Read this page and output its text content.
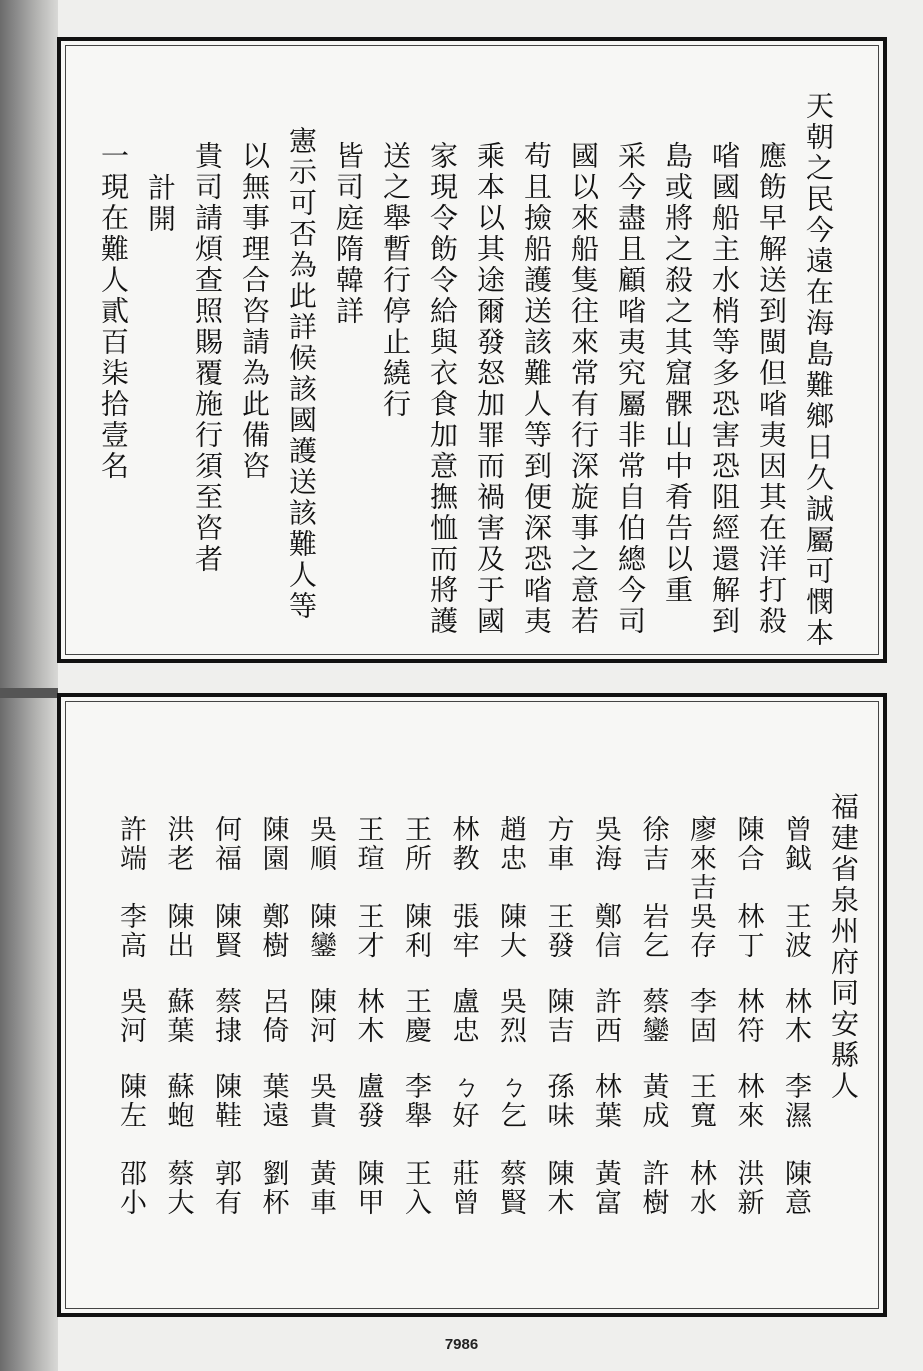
天朝之民今遠在海島難鄉日久誠屬可憫本
應飭早解送到閩但㗂夷因其在洋打殺
㗂國船主水梢等多恐害恐阻經還解到
島或將之殺之其窟髁山中肴告以重
采今盡且顧㗂夷究屬非常自伯總今司
國以來船隻往來常有行深旋事之意若
苟且撿船護送該難人等到便深恐㗂夷
乘本以其途爾發怒加罪而禍害及于國
家現令飭令給與衣食加意撫恤而將護
送之舉暫行停止繞行
皆司庭隋韓詳
憲示可否為此詳候該國護送該難人等
以無事理合咨請為此備咨
貴司請煩查照賜覆施行須至咨者
計開
一現在難人貳百柒拾壹名
福建省泉州府同安縣人
曾鉞
王波
林木
李濕
陳意
陳合
林丁
林符
林來
洪新
廖來吉
吳存
李固
王寬
林水
徐吉
岩乞
蔡鑾
黃成
許樹
吳海
鄭信
許西
林葉
黃富
方車
王發
陳吉
孫味
陳木
趙忠
陳大
吳烈
ㄅ乞
蔡賢
林教
張牢
盧忠
ㄅ好
莊曾
王所
陳利
王慶
李舉
王入
王瑄
王才
林木
盧發
陳甲
吳順
陳鑾
陳河
吳貴
黃車
陳園
鄭樹
呂倚
葉遠
劉杯
何福
陳賢
蔡捸
陳鞋
郭有
洪老
陳出
蘇葉
蘇蚫
蔡大
許端
李高
吳河
陳左
邵小
7986
